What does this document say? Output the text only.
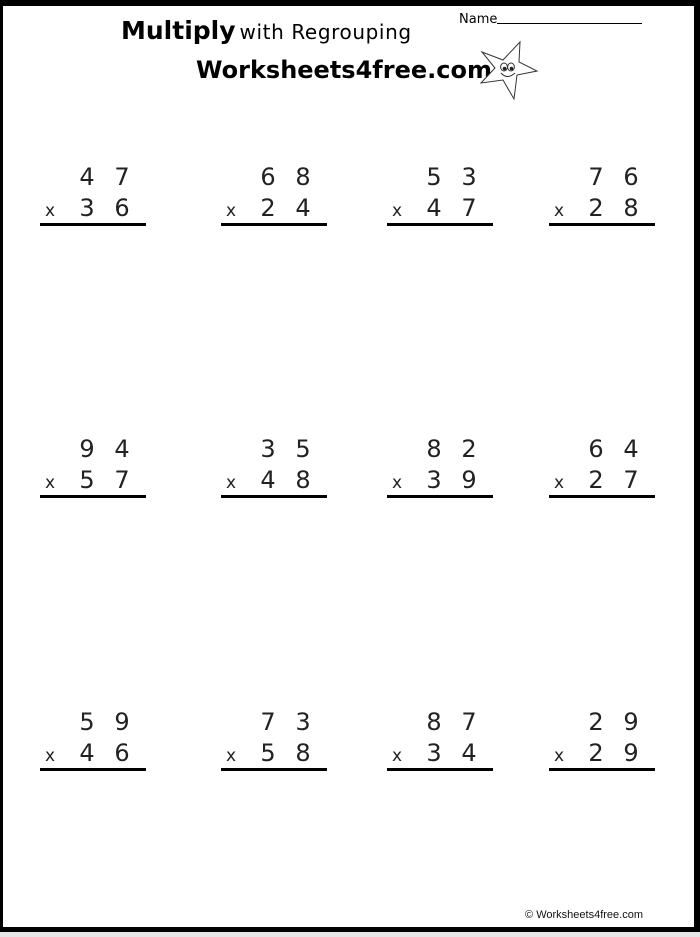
Multiply with Regrouping
Worksheets4free.com
Name
4 7
x 3 6
6 8
x 2 4
5 3
x 4 7
7 6
x 2 8
9 4
x 5 7
3 5
x 4 8
8 2
x 3 9
6 4
x 2 7
5 9
x 4 6
7 3
x 5 8
8 7
x 3 4
2 9
x 2 9
© Worksheets4free.com
